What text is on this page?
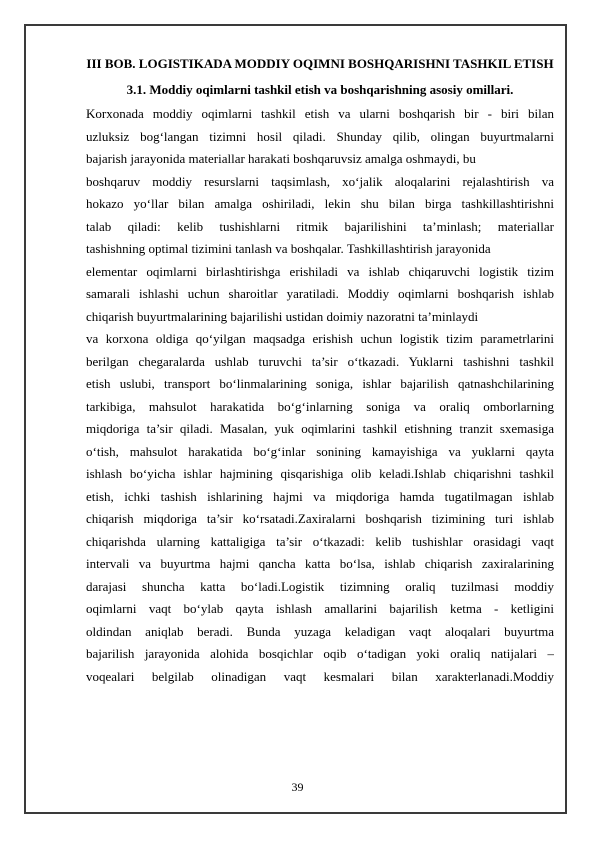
III BOB. LOGISTIKADA MODDIY OQIMNI BOSHQARISHNI TASHKIL ETISH
3.1. Moddiy oqimlarni tashkil etish va boshqarishning asosiy omillari.
Korxonada moddiy oqimlarni tashkil etish va ularni boshqarish bir - biri bilan
uzluksiz bog‘langan tizimni hosil qiladi. Shunday qilib, olingan buyurtmalarni
bajarish jarayonida materiallar harakati boshqaruvsiz amalga oshmaydi, bu
boshqaruv moddiy resurslarni taqsimlash, xo‘jalik aloqalarini rejalashtirish va
hokazo yo‘llar bilan amalga oshiriladi, lekin shu bilan birga tashkillashtirishni
talab qiladi: kelib tushishlarni ritmik bajarilishini ta’minlash; materiallar
tashishning optimal tizimini tanlash va boshqalar. Tashkillashtirish jarayonida
elementar oqimlarni birlashtirishga erishiladi va ishlab chiqaruvchi logistik tizim
samarali ishlashi uchun sharoitlar yaratiladi. Moddiy oqimlarni boshqarish ishlab
chiqarish buyurtmalarining bajarilishi ustidan doimiy nazoratni ta’minlaydi
va korxona oldiga qo‘yilgan maqsadga erishish uchun logistik tizim parametrlarini
berilgan chegaralarda ushlab turuvchi ta’sir o‘tkazadi. Yuklarni tashishni tashkil
etish uslubi, transport bo‘linmalarining soniga, ishlar bajarilish qatnashchilarining
tarkibiga, mahsulot harakatida bo‘g‘inlarning soniga va oraliq omborlarning
miqdoriga ta’sir qiladi. Masalan, yuk oqimlarini tashkil etishning tranzit sxemasiga
o‘tish, mahsulot harakatida bo‘g‘inlar sonining kamayishiga va yuklarni qayta
ishlash bo‘yicha ishlar hajmining qisqarishiga olib keladi.Ishlab chiqarishni tashkil
etish, ichki tashish ishlarining hajmi va miqdoriga hamda tugatilmagan ishlab
chiqarish miqdoriga ta’sir ko‘rsatadi.Zaxiralarni boshqarish tizimining turi ishlab
chiqarishda ularning kattaligiga ta’sir o‘tkazadi: kelib tushishlar orasidagi vaqt
intervali va buyurtma hajmi qancha katta bo‘lsa, ishlab chiqarish zaxiralarining
darajasi shuncha katta bo‘ladi.Logistik tizimning oraliq tuzilmasi moddiy
oqimlarni vaqt bo‘ylab qayta ishlash amallarini bajarilish ketma - ketligini
oldindan aniqlab beradi. Bunda yuzaga keladigan vaqt aloqalari buyurtma
bajarilish jarayonida alohida bosqichlar oqib o‘tadigan yoki oraliq natijalari –
voqealari belgilab olinadigan vaqt kesmalari bilan xarakterlanadi.Moddiy
39
